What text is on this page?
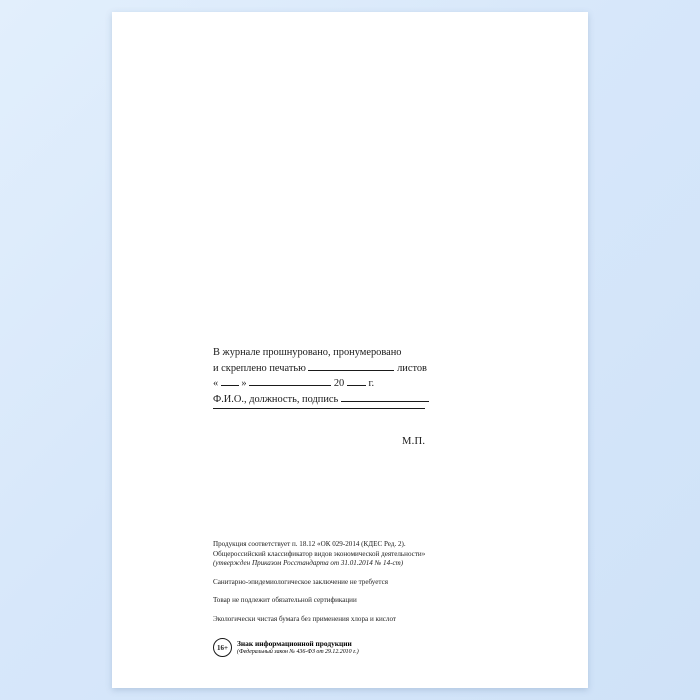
В журнале прошнуровано, пронумеровано
и скреплено печатью	листов
« »	20 г.
Ф.И.О., должность, подпись
М.П.

Продукция соответствует п. 18.12 «ОК 029-2014 (КДЕС Ред. 2).

Общероссийский классификатор видов экономической деятельности»

(утвержден Приказом Росстандарта от 31.01.2014 № 14-ст)

Санитарно-эпидемиологическое заключение не требуется

Товар не подлежит обязательной сертификации

Экологически чистая бумага без применения хлора и кислот

16+	Знак информационной продукции

(Федеральный закон № 436-ФЗ от 29.12.2010 г.)
